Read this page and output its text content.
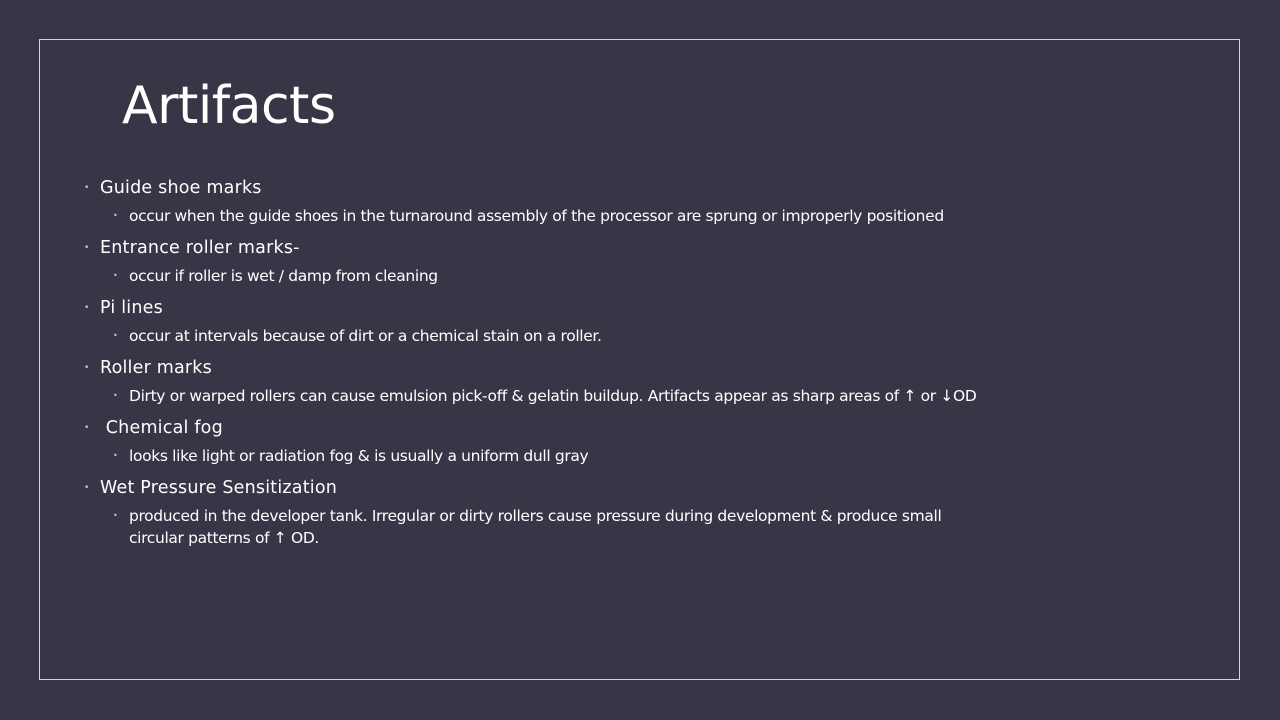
Artifacts
• Guide shoe marks
• occur when the guide shoes in the turnaround assembly of the processor are sprung or improperly positioned
• Entrance roller marks-
• occur if roller is wet / damp from cleaning
• Pi lines
• occur at intervals because of dirt or a chemical stain on a roller.
• Roller marks
• Dirty or warped rollers can cause emulsion pick-off & gelatin buildup. Artifacts appear as sharp areas of ↑ or ↓OD
• Chemical fog
• looks like light or radiation fog & is usually a uniform dull gray
• Wet Pressure Sensitization
• produced in the developer tank. Irregular or dirty rollers cause pressure during development & produce small circular patterns of ↑ OD.
